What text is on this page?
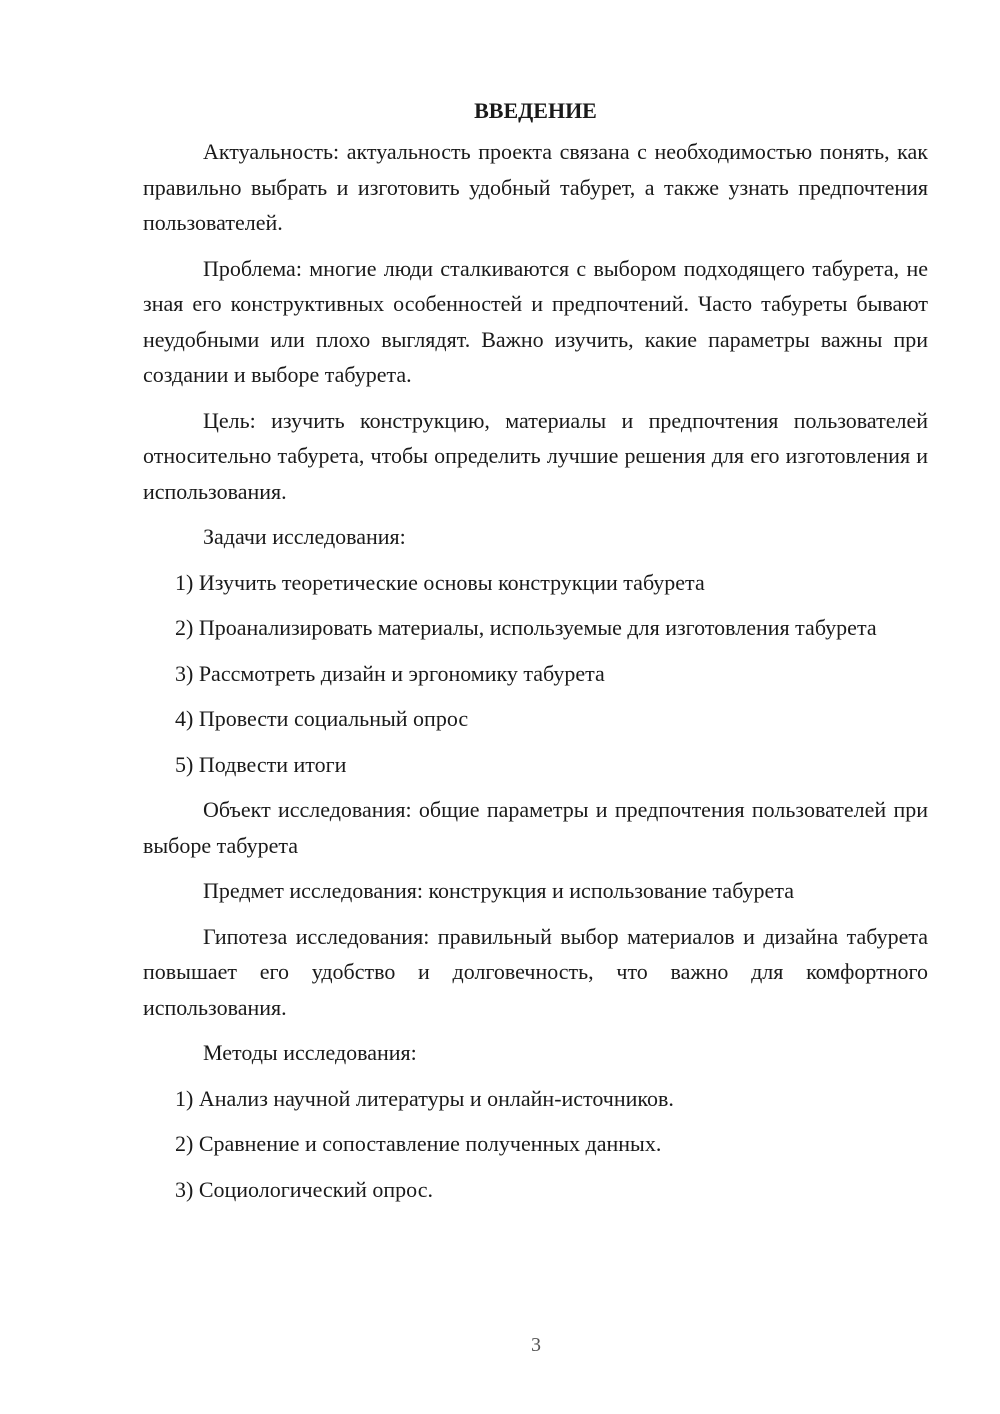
ВВЕДЕНИЕ

Актуальность: актуальность проекта связана с необходимостью понять, как правильно выбрать и изготовить удобный табурет, а также узнать предпочтения пользователей.

Проблема: многие люди сталкиваются с выбором подходящего табурета, не зная его конструктивных особенностей и предпочтений. Часто табуреты бывают неудобными или плохо выглядят. Важно изучить, какие параметры важны при создании и выборе табурета.

Цель: изучить конструкцию, материалы и предпочтения пользователей относительно табурета, чтобы определить лучшие решения для его изготовления и использования.

Задачи исследования:

1) Изучить теоретические основы конструкции табурета

2) Проанализировать материалы, используемые для изготовления табурета

3) Рассмотреть дизайн и эргономику табурета

4) Провести социальный опрос

5) Подвести итоги

Объект исследования: общие параметры и предпочтения пользователей при выборе табурета

Предмет исследования: конструкция и использование табурета

Гипотеза исследования: правильный выбор материалов и дизайна табурета повышает его удобство и долговечность, что важно для комфортного использования.

Методы исследования:

1) Анализ научной литературы и онлайн-источников.

2) Сравнение и сопоставление полученных данных.

3) Социологический опрос.

3
